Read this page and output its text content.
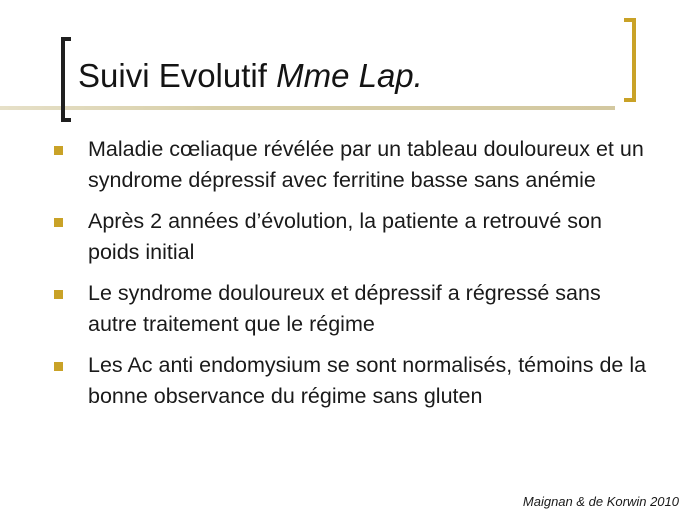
Suivi Evolutif Mme Lap.
Maladie cœliaque révélée par un tableau douloureux et un syndrome dépressif avec ferritine basse sans anémie
Après 2 années d’évolution, la patiente a retrouvé son poids initial
Le syndrome douloureux et dépressif a régressé sans autre traitement que le régime
Les Ac anti endomysium se sont normalisés, témoins de la bonne observance du régime sans gluten
Maignan & de Korwin 2010
